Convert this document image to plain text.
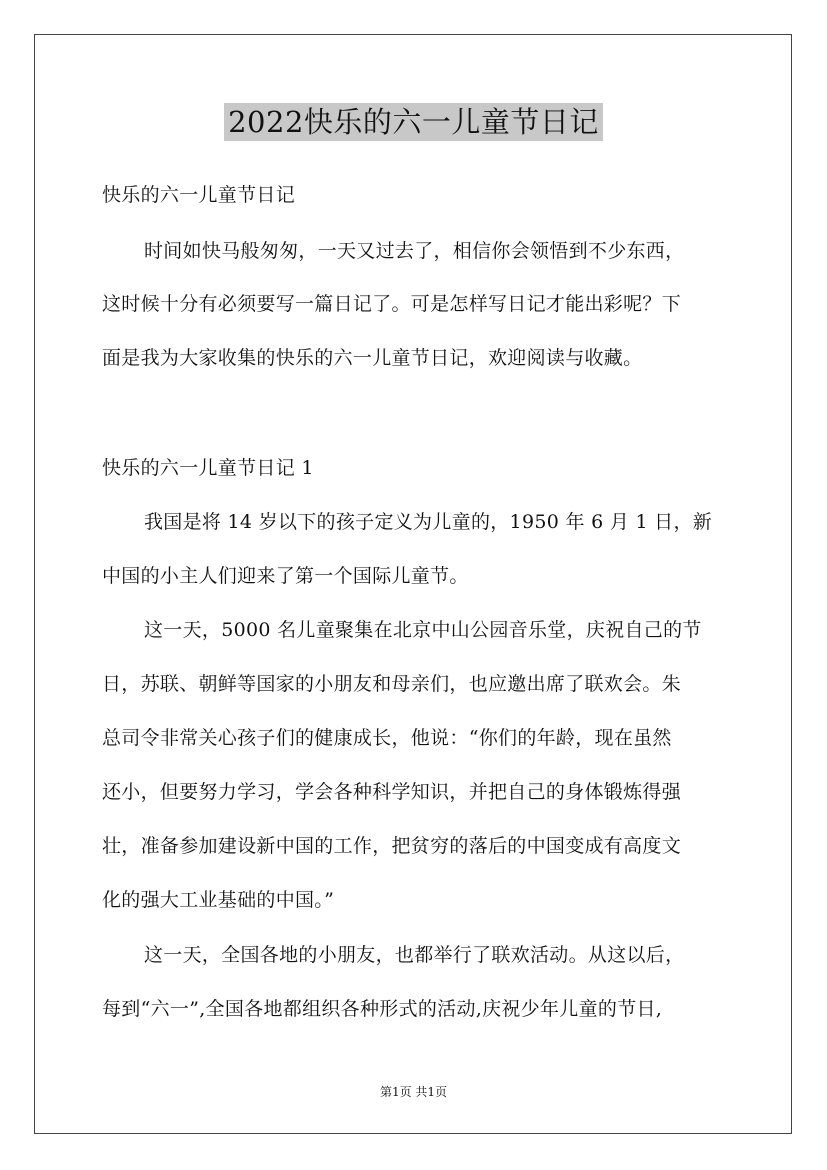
2022快乐的六一儿童节日记
快乐的六一儿童节日记
时间如快马般匆匆，一天又过去了，相信你会领悟到不少东西，
这时候十分有必须要写一篇日记了。可是怎样写日记才能出彩呢？下
面是我为大家收集的快乐的六一儿童节日记，欢迎阅读与收藏。
快乐的六一儿童节日记 1
我国是将 14 岁以下的孩子定义为儿童的，1950 年 6 月 1 日，新
中国的小主人们迎来了第一个国际儿童节。
这一天，5000 名儿童聚集在北京中山公园音乐堂，庆祝自己的节
日，苏联、朝鲜等国家的小朋友和母亲们，也应邀出席了联欢会。朱
总司令非常关心孩子们的健康成长，他说：“你们的年龄，现在虽然
还小，但要努力学习，学会各种科学知识，并把自己的身体锻炼得强
壮，准备参加建设新中国的工作，把贫穷的落后的中国变成有高度文
化的强大工业基础的中国。”
这一天，全国各地的小朋友，也都举行了联欢活动。从这以后，
每到“六一”,全国各地都组织各种形式的活动,庆祝少年儿童的节日,
第1页 共1页
